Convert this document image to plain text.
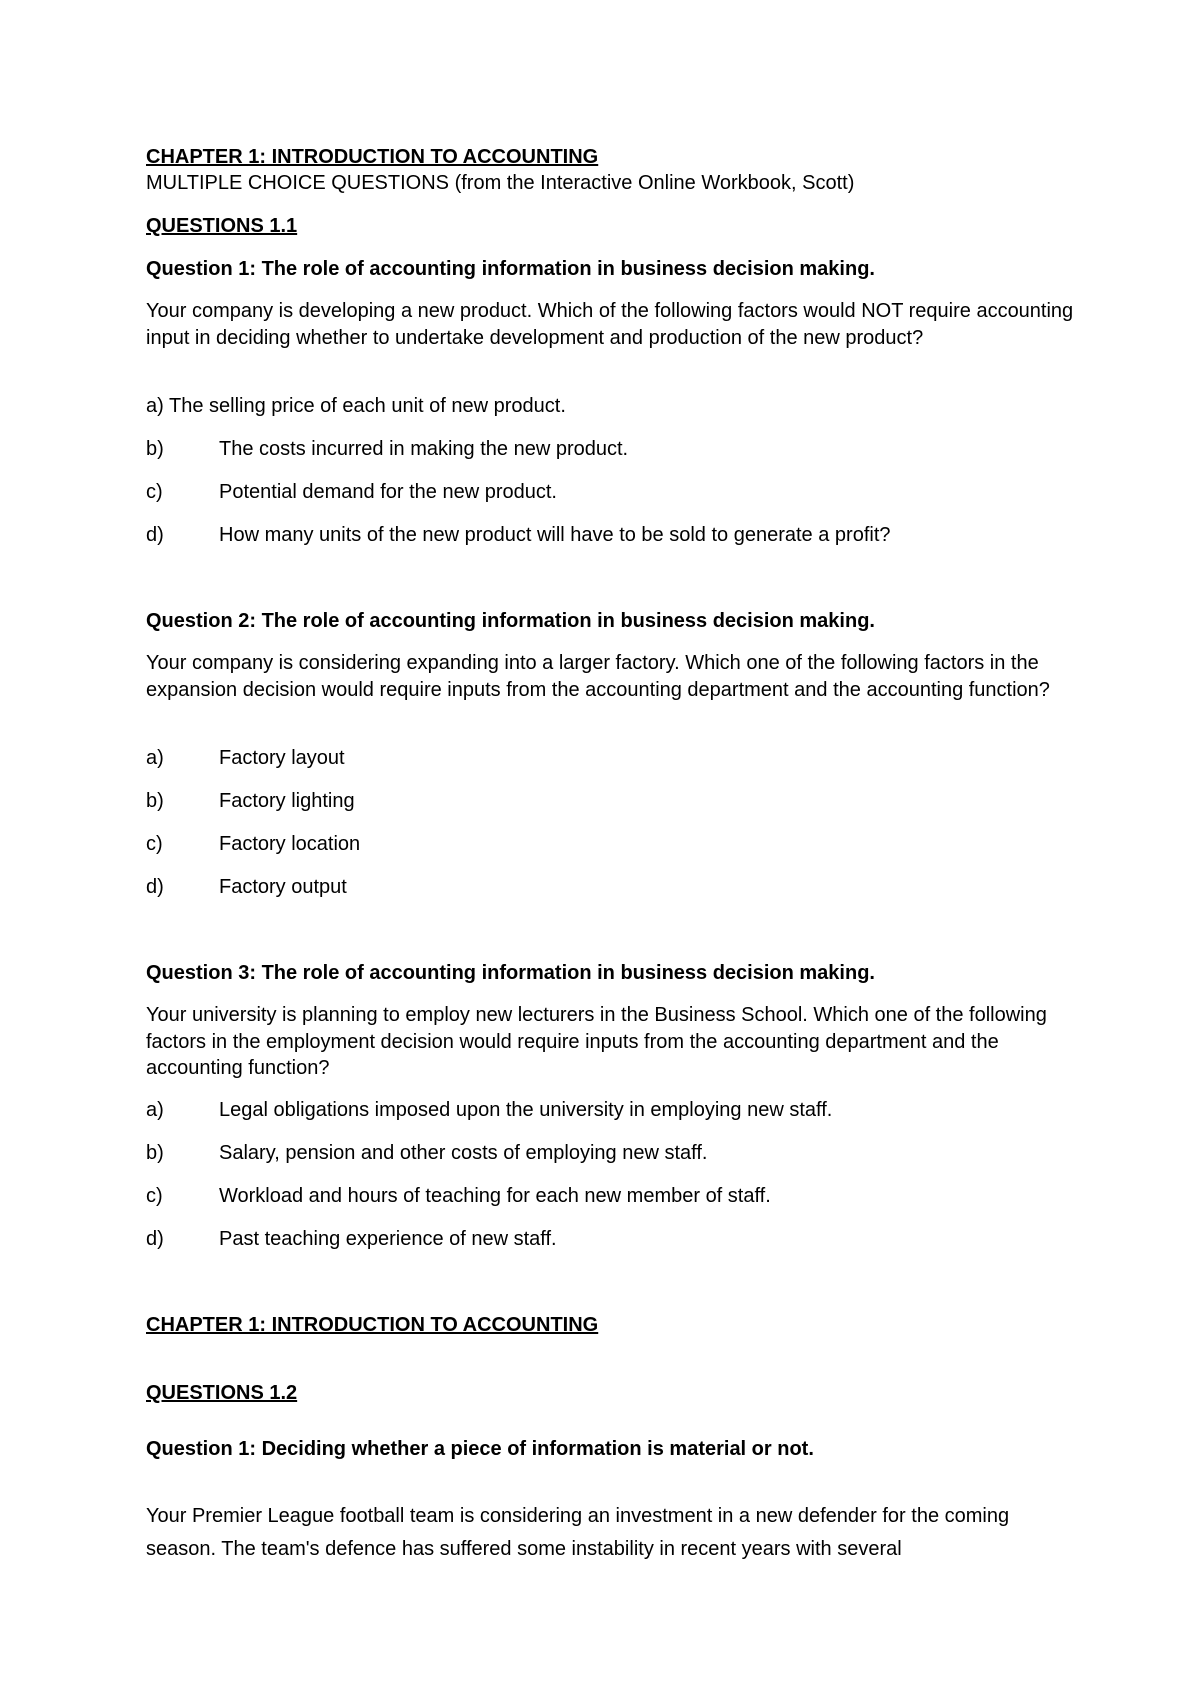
CHAPTER 1: INTRODUCTION TO ACCOUNTING
MULTIPLE CHOICE QUESTIONS (from the Interactive Online Workbook, Scott)
QUESTIONS 1.1
Question 1: The role of accounting information in business decision making.
Your company is developing a new product. Which of the following factors would NOT require accounting input in deciding whether to undertake development and production of the new product?
a) The selling price of each unit of new product.
b)	The costs incurred in making the new product.
c)	Potential demand for the new product.
d)	How many units of the new product will have to be sold to generate a profit?
Question 2: The role of accounting information in business decision making.
Your company is considering expanding into a larger factory. Which one of the following factors in the expansion decision would require inputs from the accounting department and the accounting function?
a)	Factory layout
b)	Factory lighting
c)	Factory location
d)	Factory output
Question 3: The role of accounting information in business decision making.
Your university is planning to employ new lecturers in the Business School. Which one of the following factors in the employment decision would require inputs from the accounting department and the accounting function?
a)	Legal obligations imposed upon the university in employing new staff.
b)	Salary, pension and other costs of employing new staff.
c)	Workload and hours of teaching for each new member of staff.
d)	Past teaching experience of new staff.
CHAPTER 1: INTRODUCTION TO ACCOUNTING
QUESTIONS 1.2
Question 1: Deciding whether a piece of information is material or not.
Your Premier League football team is considering an investment in a new defender for the coming season. The team's defence has suffered some instability in recent years with several
